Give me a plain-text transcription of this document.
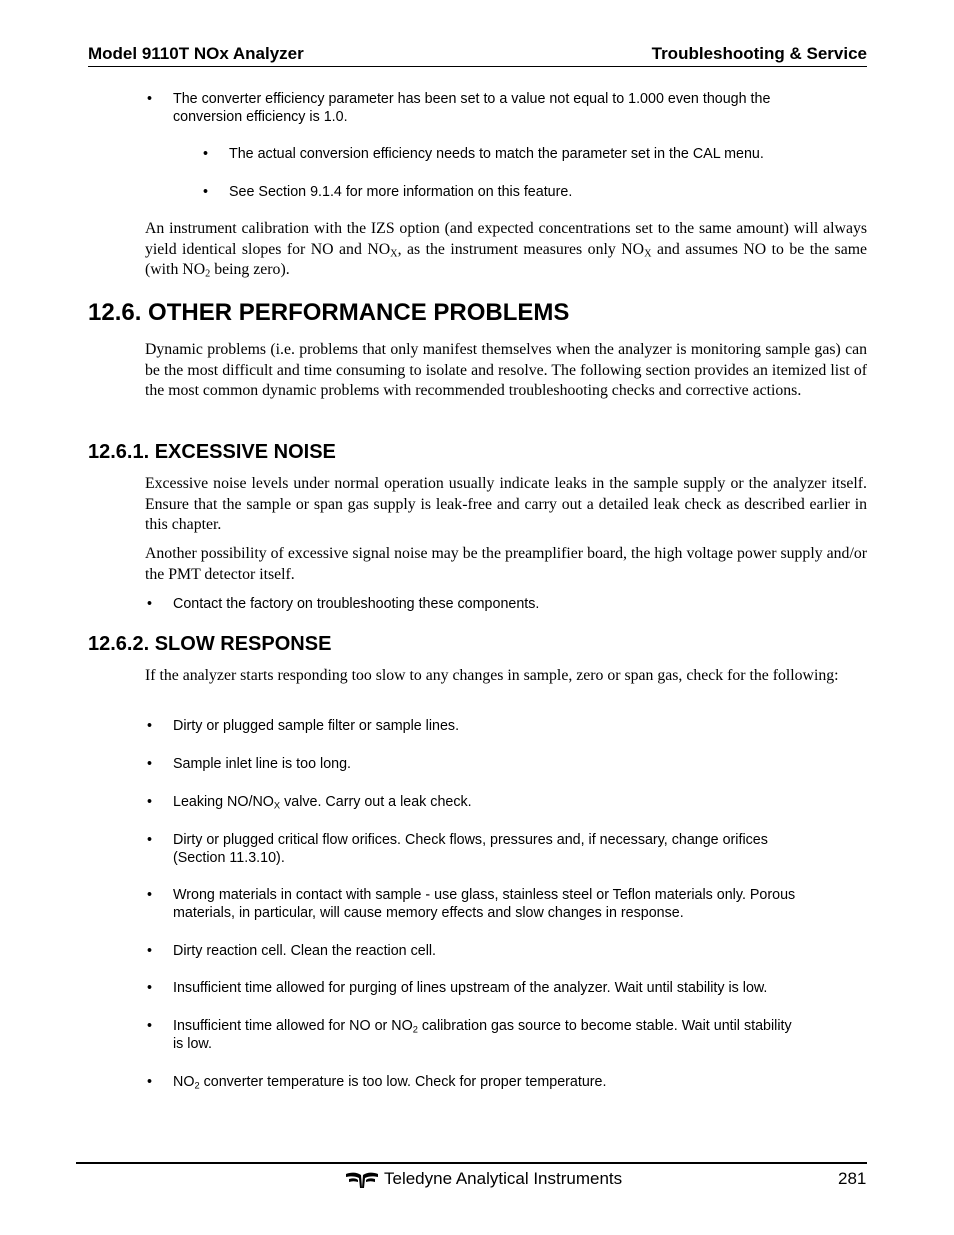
Model 9110T NOx Analyzer	Troubleshooting & Service
• The converter efficiency parameter has been set to a value not equal to 1.000 even though the
conversion efficiency is 1.0.
• The actual conversion efficiency needs to match the parameter set in the CAL menu.
• See Section 9.1.4 for more information on this feature.
An instrument calibration with the IZS option (and expected concentrations set to the same amount) will always yield identical slopes for NO and $NO_X$, as the instrument measures only $NO_X$ and assumes NO to be the same (with $NO_2$ being zero).
12.6. OTHER PERFORMANCE PROBLEMS
Dynamic problems (i.e. problems that only manifest themselves when the analyzer is monitoring sample gas) can be the most difficult and time consuming to isolate and resolve. The following section provides an itemized list of the most common dynamic problems with recommended troubleshooting checks and corrective actions.
12.6.1. EXCESSIVE NOISE
Excessive noise levels under normal operation usually indicate leaks in the sample supply or the analyzer itself. Ensure that the sample or span gas supply is leak-free and carry out a detailed leak check as described earlier in this chapter.
Another possibility of excessive signal noise may be the preamplifier board, the high voltage power supply and/or the PMT detector itself.
• Contact the factory on troubleshooting these components.
12.6.2. SLOW RESPONSE
If the analyzer starts responding too slow to any changes in sample, zero or span gas, check for the following:
• Dirty or plugged sample filter or sample lines.
• Sample inlet line is too long.
• Leaking $NO/NO_X$ valve. Carry out a leak check.
• Dirty or plugged critical flow orifices. Check flows, pressures and, if necessary, change orifices
(Section 11.3.10).
• Wrong materials in contact with sample - use glass, stainless steel or Teflon materials only. Porous
materials, in particular, will cause memory effects and slow changes in response.
• Dirty reaction cell. Clean the reaction cell.
• Insufficient time allowed for purging of lines upstream of the analyzer. Wait until stability is low.
• Insufficient time allowed for NO or $NO_2$ calibration gas source to become stable. Wait until stability
is low.
• $NO_2$ converter temperature is too low. Check for proper temperature.
Teledyne Analytical Instruments	281
